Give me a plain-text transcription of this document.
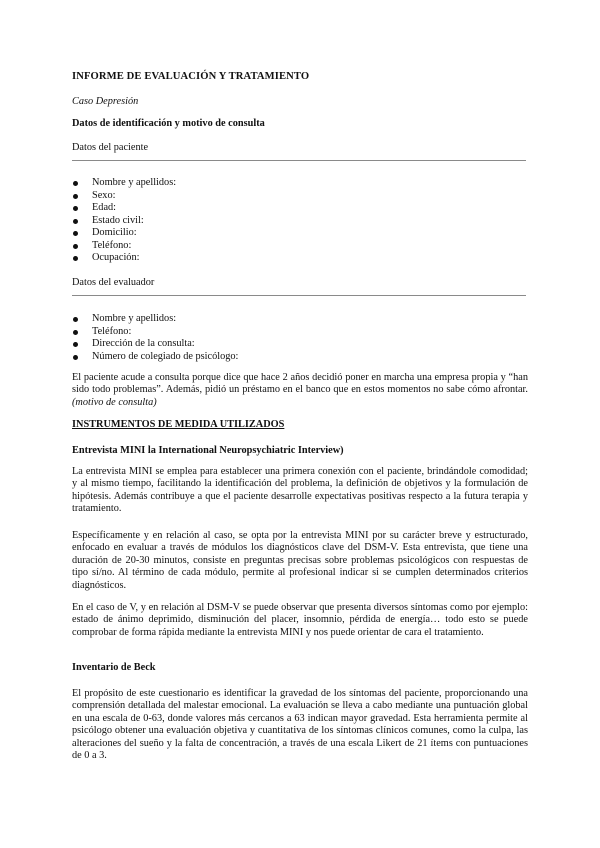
INFORME DE EVALUACIÓN Y TRATAMIENTO
Caso Depresión
Datos de identificación y motivo de consulta
Datos del paciente
Nombre y apellidos:
Sexo:
Edad:
Estado civil:
Domicilio:
Teléfono:
Ocupación:
Datos del evaluador
Nombre y apellidos:
Teléfono:
Dirección de la consulta:
Número de colegiado de psicólogo:
El paciente acude a consulta porque dice que hace 2 años decidió poner en marcha una empresa propia y “han sido todo problemas”. Además, pidió un préstamo en el banco que en estos momentos no sabe cómo afrontar. (motivo de consulta)
INSTRUMENTOS DE MEDIDA UTILIZADOS
Entrevista MINI la International Neuropsychiatric Interview)
La entrevista MINI se emplea para establecer una primera conexión con el paciente, brindándole comodidad; y al mismo tiempo, facilitando la identificación del problema, la definición de objetivos y la formulación de hipótesis. Además contribuye a que el paciente desarrolle expectativas positivas respecto a la futura terapia y tratamiento.
Específicamente y en relación al caso, se opta por la entrevista MINI por su carácter breve y estructurado, enfocado en evaluar a través de módulos los diagnósticos clave del DSM-V. Esta entrevista, que tiene una duración de 20-30 minutos, consiste en preguntas precisas sobre problemas psicológicos con respuestas de tipo sí/no. Al término de cada módulo, permite al profesional indicar si se cumplen determinados criterios diagnósticos.
En el caso de V, y en relación al DSM-V se puede observar que presenta diversos síntomas como por ejemplo: estado de ánimo deprimido, disminución del placer, insomnio, pérdida de energía… todo esto se puede comprobar de forma rápida mediante la entrevista MINI y nos puede orientar de cara el tratamiento.
Inventario de Beck
El propósito de este cuestionario es identificar la gravedad de los síntomas del paciente, proporcionando una comprensión detallada del malestar emocional. La evaluación se lleva a cabo mediante una puntuación global en una escala de 0-63, donde valores más cercanos a 63 indican mayor gravedad. Esta herramienta permite al psicólogo obtener una evaluación objetiva y cuantitativa de los síntomas clínicos comunes, como la culpa, las alteraciones del sueño y la falta de concentración, a través de una escala Likert de 21 ítems con puntuaciones de 0 a 3.
